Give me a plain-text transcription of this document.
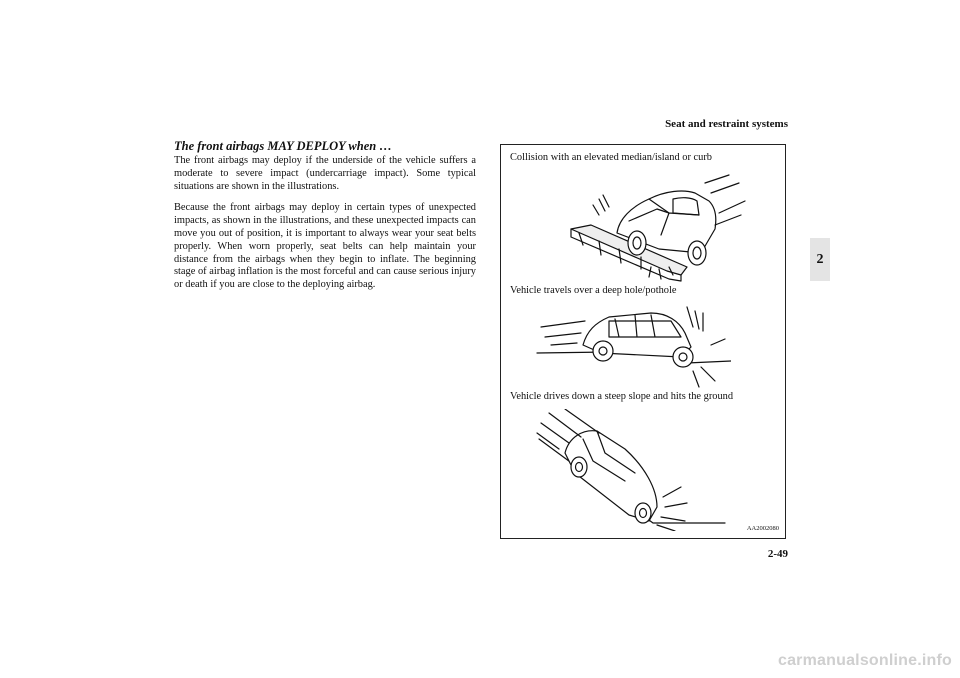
Seat and restraint systems
2

The front airbags MAY DEPLOY when …

The front airbags may deploy if the underside of the vehicle suffers a moderate to severe impact (undercarriage impact). Some typical situations are shown in the illustrations.

Because the front airbags may deploy in certain types of unexpected impacts, as shown in the illustrations, and these unexpected impacts can move you out of position, it is important to always wear your seat belts properly. When worn properly, seat belts can help maintain your distance from the airbags when they begin to inflate. The beginning stage of airbag inflation is the most forceful and can cause serious injury or death if you are close to the deploying airbag.

Collision with an elevated median/island or curb
Vehicle travels over a deep hole/pothole
Vehicle drives down a steep slope and hits the ground
AA2002080
2-49
carmanualsonline.info
